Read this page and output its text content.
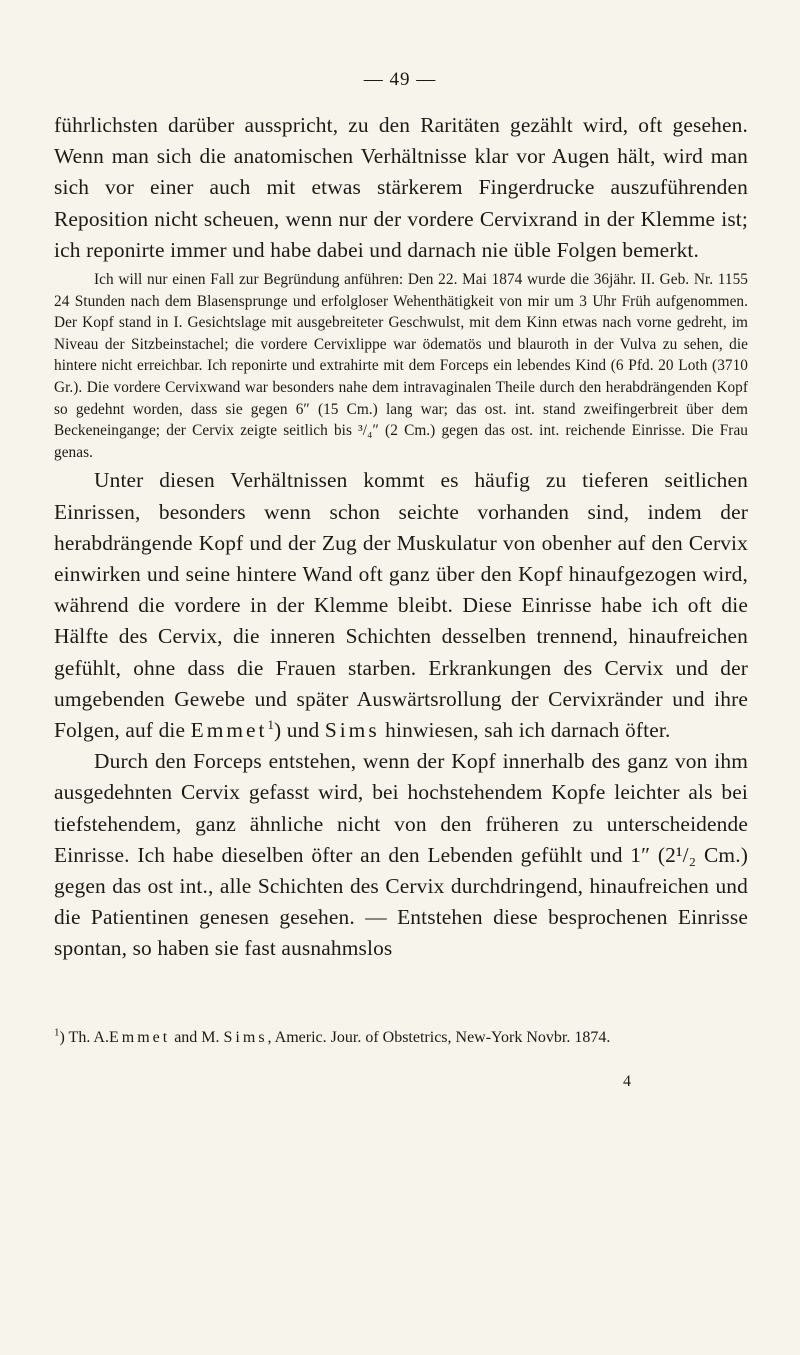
— 49 —

führlichsten darüber ausspricht, zu den Raritäten gezählt wird, oft gesehen. Wenn man sich die anatomischen Verhältnisse klar vor Augen hält, wird man sich vor einer auch mit etwas stärkerem Fingerdrucke auszuführenden Reposition nicht scheuen, wenn nur der vordere Cervixrand in der Klemme ist; ich reponirte immer und habe dabei und darnach nie üble Folgen bemerkt.

Ich will nur einen Fall zur Begründung anführen: Den 22. Mai 1874 wurde die 36jähr. II. Geb. Nr. 1155 24 Stunden nach dem Blasensprunge und erfolgloser Wehenthätigkeit von mir um 3 Uhr Früh aufgenommen. Der Kopf stand in I. Gesichtslage mit ausgebreiteter Geschwulst, mit dem Kinn etwas nach vorne gedreht, im Niveau der Sitzbeinstachel; die vordere Cervixlippe war ödematös und blauroth in der Vulva zu sehen, die hintere nicht erreichbar. Ich reponirte und extrahirte mit dem Forceps ein lebendes Kind (6 Pfd. 20 Loth (3710 Gr.). Die vordere Cervixwand war besonders nahe dem intravaginalen Theile durch den herabdrängenden Kopf so gedehnt worden, dass sie gegen 6″ (15 Cm.) lang war; das ost. int. stand zweifingerbreit über dem Beckeneingange; der Cervix zeigte seitlich bis ³/₄″ (2 Cm.) gegen das ost. int. reichende Einrisse. Die Frau genas.

Unter diesen Verhältnissen kommt es häufig zu tieferen seitlichen Einrissen, besonders wenn schon seichte vorhanden sind, indem der herabdrängende Kopf und der Zug der Muskulatur von obenher auf den Cervix einwirken und seine hintere Wand oft ganz über den Kopf hinaufgezogen wird, während die vordere in der Klemme bleibt. Diese Einrisse habe ich oft die Hälfte des Cervix, die inneren Schichten desselben trennend, hinaufreichen gefühlt, ohne dass die Frauen starben. Erkrankungen des Cervix und der umgebenden Gewebe und später Auswärtsrollung der Cervixränder und ihre Folgen, auf die Emmet$^1$) und Sims hinwiesen, sah ich darnach öfter.

Durch den Forceps entstehen, wenn der Kopf innerhalb des ganz von ihm ausgedehnten Cervix gefasst wird, bei hochstehendem Kopfe leichter als bei tiefstehendem, ganz ähnliche nicht von den früheren zu unterscheidende Einrisse. Ich habe dieselben öfter an den Lebenden gefühlt und 1″ (2¹/₂ Cm.) gegen das ost int., alle Schichten des Cervix durchdringend, hinaufreichen und die Patientinen genesen gesehen. — Entstehen diese besprochenen Einrisse spontan, so haben sie fast ausnahmslos

$^1$) Th. A.Emmet and M. Sims, Americ. Jour. of Obstetrics, New-York Novbr. 1874.

4
